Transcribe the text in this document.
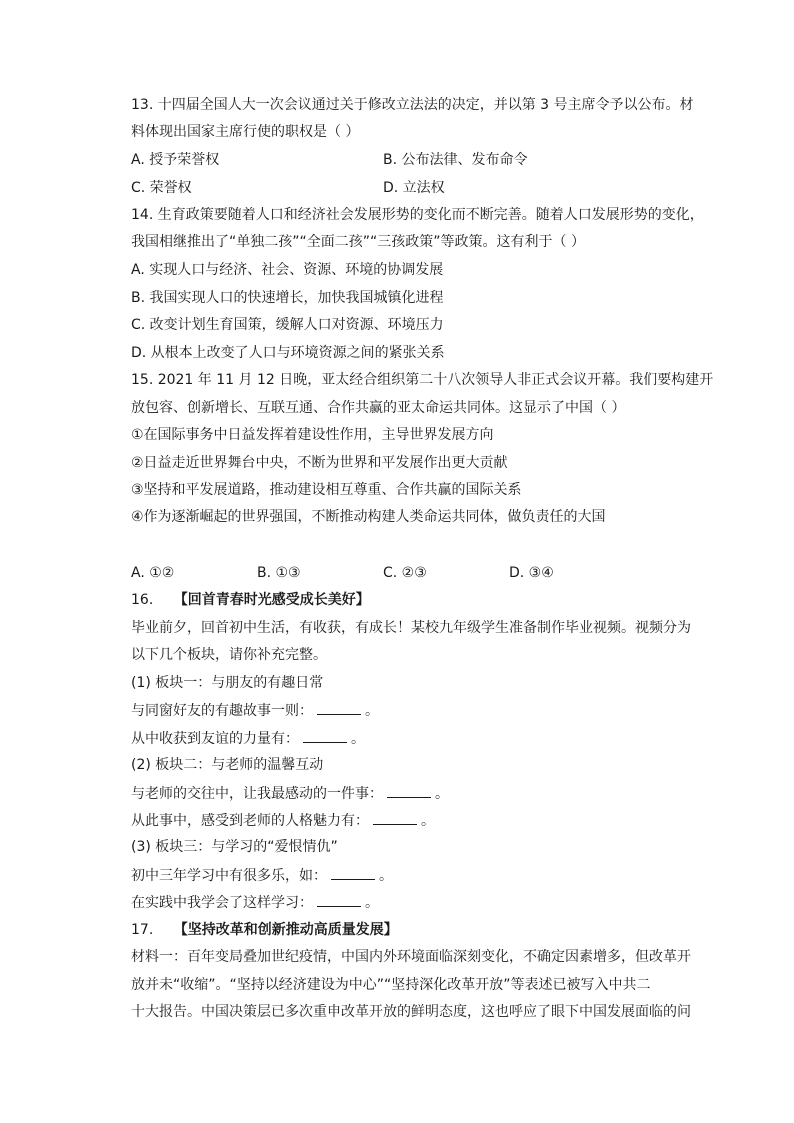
13. 十四届全国人大一次会议通过关于修改立法法的决定，并以第 3 号主席令予以公布。材
料体现出国家主席行使的职权是（ ）
A. 授予荣誉权	B. 公布法律、发布命令
C. 荣誉权	D. 立法权
14. 生育政策要随着人口和经济社会发展形势的变化而不断完善。随着人口发展形势的变化，
我国相继推出了“单独二孩”“全面二孩”“三孩政策”等政策。这有利于（ ）
A. 实现人口与经济、社会、资源、环境的协调发展
B. 我国实现人口的快速增长，加快我国城镇化进程
C. 改变计划生育国策，缓解人口对资源、环境压力
D. 从根本上改变了人口与环境资源之间的紧张关系
15. 2021 年 11 月 12 日晚，亚太经合组织第二十八次领导人非正式会议开幕。我们要构建开
放包容、创新增长、互联互通、合作共赢的亚太命运共同体。这显示了中国（ ）
①在国际事务中日益发挥着建设性作用，主导世界发展方向
②日益走近世界舞台中央，不断为世界和平发展作出更大贡献
③坚持和平发展道路，推动建设相互尊重、合作共赢的国际关系
④作为逐渐崛起的世界强国，不断推动构建人类命运共同体，做负责任的大国
A. ①②	B. ①③	C. ②③	D. ③④
16. 【回首青春时光感受成长美好】
毕业前夕，回首初中生活，有收获，有成长！某校九年级学生准备制作毕业视频。视频分为
以下几个板块，请你补充完整。
(1) 板块一：与朋友的有趣日常
与同窗好友的有趣故事一则：	。
从中收获到友谊的力量有：	。
(2) 板块二：与老师的温馨互动
与老师的交往中，让我最感动的一件事：	。
从此事中，感受到老师的人格魅力有：	。
(3) 板块三：与学习的“爱恨情仇”
初中三年学习中有很多乐，如：	。
在实践中我学会了这样学习：	。
17. 【坚持改革和创新推动高质量发展】
材料一：百年变局叠加世纪疫情，中国内外环境面临深刻变化，不确定因素增多，但改革开
放并未“收缩”。“坚持以经济建设为中心”“坚持深化改革开放”等表述已被写入中共二
十大报告。中国决策层已多次重申改革开放的鲜明态度，这也呼应了眼下中国发展面临的问
